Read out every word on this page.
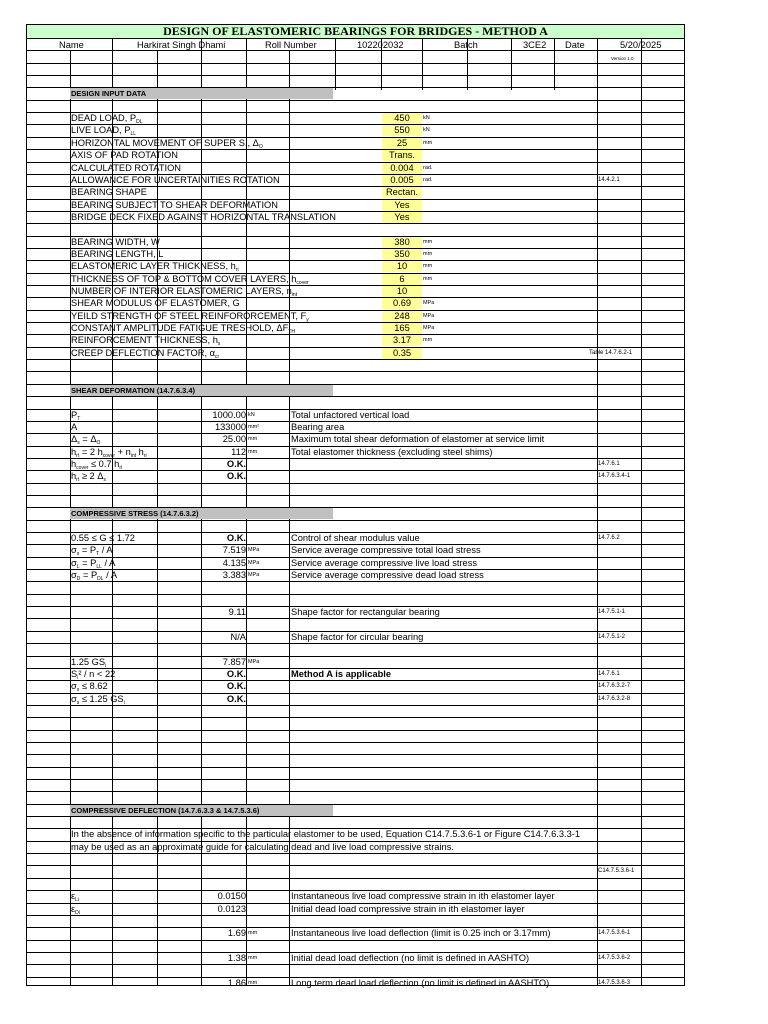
DESIGN OF ELASTOMERIC BEARINGS FOR BRIDGES - METHOD A
Name	Harkirat Singh Dhami	Roll Number	102202032	Batch	3CE2 Date	5/20/2025
Version 1.0
DESIGN INPUT DATA
DEAD LOAD, $P_{DL}$	450	kN
LIVE LOAD, $P_{LL}$	550	kN
HORIZONTAL MOVEMENT OF SUPER S., $\Delta_O$	25	mm
AXIS OF PAD ROTATION	Trans.
CALCULATED ROTATION	0.004	rad.
ALLOWANCE FOR UNCERTAINITIES ROTATION	0.005	rad.	14.4.2.1
BEARING SHAPE	Rectan.
BEARING SUBJECT TO SHEAR DEFORMATION	Yes
BRIDGE DECK FIXED AGAINST HORIZONTAL TRANSLATION	Yes
BEARING WIDTH, W	380	mm
BEARING LENGTH, L	350	mm
ELASTOMERIC LAYER THICKNESS, $h_{ri}$	10	mm
THICKNESS OF TOP & BOTTOM COVER LAYERS, $h_{cover}$	6	mm
NUMBER OF INTERIOR ELASTOMERIC LAYERS, $n_{int}$	10
SHEAR MODULUS OF ELASTOMER, G	0.69	MPa
YEILD STRENGTH OF STEEL REINFORORCEMENT, $F_y$	248	MPa
CONSTANT AMPLITUDE FATIGUE TRESHOLD, $\Delta F_{TH}$	165	MPa
REINFORCEMENT THICKNESS, $h_s$	3.17	mm
CREEP DEFLECTION FACTOR, $\alpha_{cr}$	0.35	Table 14.7.6.2-1
SHEAR DEFORMATION (14.7.6.3.4)
$P_T$	1000.00 kN	Total unfactored vertical load
A	133000 mm²	Bearing area
$\Delta_s = \Delta_O$	25.00 mm	Maximum total shear deformation of elastomer at service limit
$h_{rt} = 2$ $h_{cover} + n_{int}$ $h_{ri}$	112 mm	Total elastomer thickness (excluding steel shims)
$h_{cover} \le 0.7$ $h_{ri}$	O.K.	14.7.6.1
$h_{rt} \ge 2$ $\Delta_s$	O.K.	14.7.6.3.4-1
COMPRESSIVE STRESS (14.7.6.3.2)
0.55 ≤ G ≤ 1.72	O.K.	Control of shear modulus value	14.7.6.2
$\sigma_s = P_T / A$	7.519 MPa	Service average compressive total load stress
$\sigma_L = P_{LL} / A$	4.135 MPa	Service average compressive live load stress
$\sigma_D = P_{DL} / A$	3.383 MPa	Service average compressive dead load stress
9.11	Shape factor for rectangular bearing	14.7.5.1-1
N/A	Shape factor for circular bearing	14.7.5.1-2
1.25 $GS_i$	7.857 MPa
$S_i^2 / n < 22$	O.K.	Method A is applicable	14.7.6.1
$\sigma_s \le 8.62$	O.K.	14.7.6.3.2-7
$\sigma_s \le 1.25$ $GS_i$	O.K.	14.7.6.3.2-8
COMPRESSIVE DEFLECTION (14.7.6.3.3 & 14.7.5.3.6)
In the absence of information specific to the particular elastomer to be used, Equation C14.7.5.3.6-1 or Figure C14.7.6.3.3-1
may be used as an approximate guide for calculating dead and live load compressive strains.
C14.7.5.3.6-1
$\varepsilon_{Li}$	0.0150	Instantaneous live load compressive strain in ith elastomer layer
$\varepsilon_{Di}$	0.0123	Initial dead load compressive strain in ith elastomer layer
1.69 mm	Instantaneous live load deflection (limit is 0.25 inch or 3.17mm)	14.7.5.3.6-1
1.38 mm	Initial dead load deflection (no limit is defined in AASHTO)	14.7.5.3.6-2
1.86 mm	Long term dead load deflection (no limit is defined in AASHTO)	14.7.5.3.6-3
